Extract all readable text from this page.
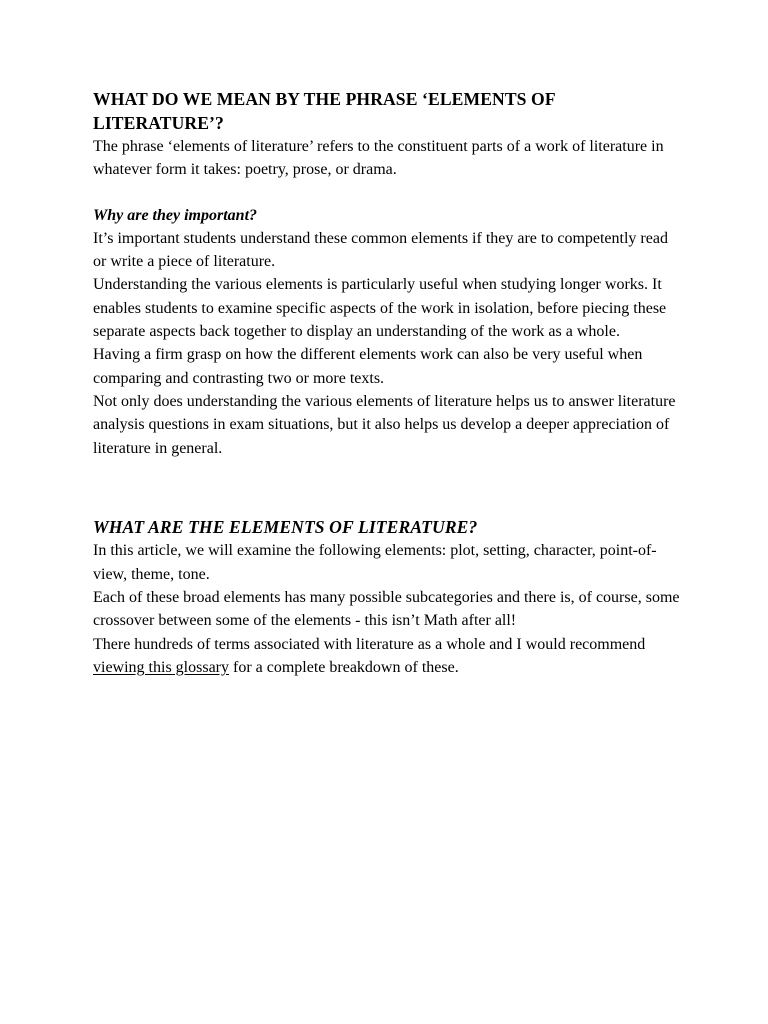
WHAT DO WE MEAN BY THE PHRASE ‘ELEMENTS OF LITERATURE’?

The phrase ‘elements of literature’ refers to the constituent parts of a work of literature in whatever form it takes: poetry, prose, or drama.

Why are they important?

It’s important students understand these common elements if they are to competently read or write a piece of literature.

Understanding the various elements is particularly useful when studying longer works. It enables students to examine specific aspects of the work in isolation, before piecing these separate aspects back together to display an understanding of the work as a whole.

Having a firm grasp on how the different elements work can also be very useful when comparing and contrasting two or more texts.

Not only does understanding the various elements of literature helps us to answer literature analysis questions in exam situations, but it also helps us develop a deeper appreciation of literature in general.

WHAT ARE THE ELEMENTS OF LITERATURE?

In this article, we will examine the following elements: plot, setting, character, point-of-view, theme, tone.

Each of these broad elements has many possible subcategories and there is, of course, some crossover between some of the elements - this isn’t Math after all!

There hundreds of terms associated with literature as a whole and I would recommend viewing this glossary for a complete breakdown of these.
